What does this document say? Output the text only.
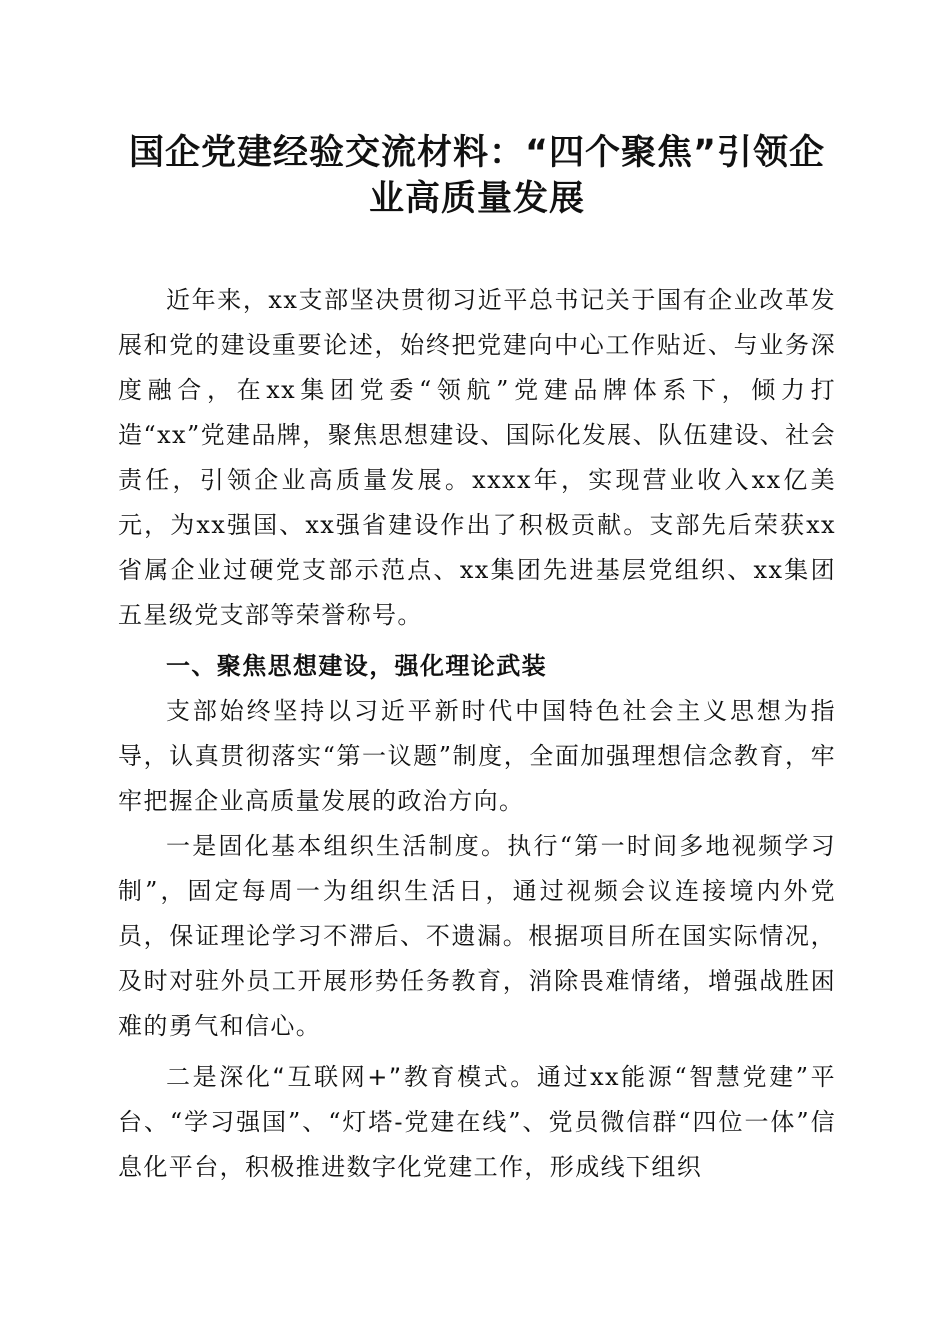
国企党建经验交流材料：“四个聚焦”引领企业高质量发展

近年来，xx支部坚决贯彻习近平总书记关于国有企业改革发展和党的建设重要论述，始终把党建向中心工作贴近、与业务深度融合，在xx集团党委“领航”党建品牌体系下，倾力打造“xx”党建品牌，聚焦思想建设、国际化发展、队伍建设、社会责任，引领企业高质量发展。xxxx年，实现营业收入xx亿美元，为xx强国、xx强省建设作出了积极贡献。支部先后荣获xx省属企业过硬党支部示范点、xx集团先进基层党组织、xx集团五星级党支部等荣誉称号。

一、聚焦思想建设，强化理论武装

支部始终坚持以习近平新时代中国特色社会主义思想为指导，认真贯彻落实“第一议题”制度，全面加强理想信念教育，牢牢把握企业高质量发展的政治方向。

一是固化基本组织生活制度。执行“第一时间多地视频学习制”，固定每周一为组织生活日，通过视频会议连接境内外党员，保证理论学习不滞后、不遗漏。根据项目所在国实际情况，及时对驻外员工开展形势任务教育，消除畏难情绪，增强战胜困难的勇气和信心。

二是深化“互联网+”教育模式。通过xx能源“智慧党建”平台、“学习强国”、“灯塔-党建在线”、党员微信群“四位一体”信息化平台，积极推进数字化党建工作，形成线下组织
